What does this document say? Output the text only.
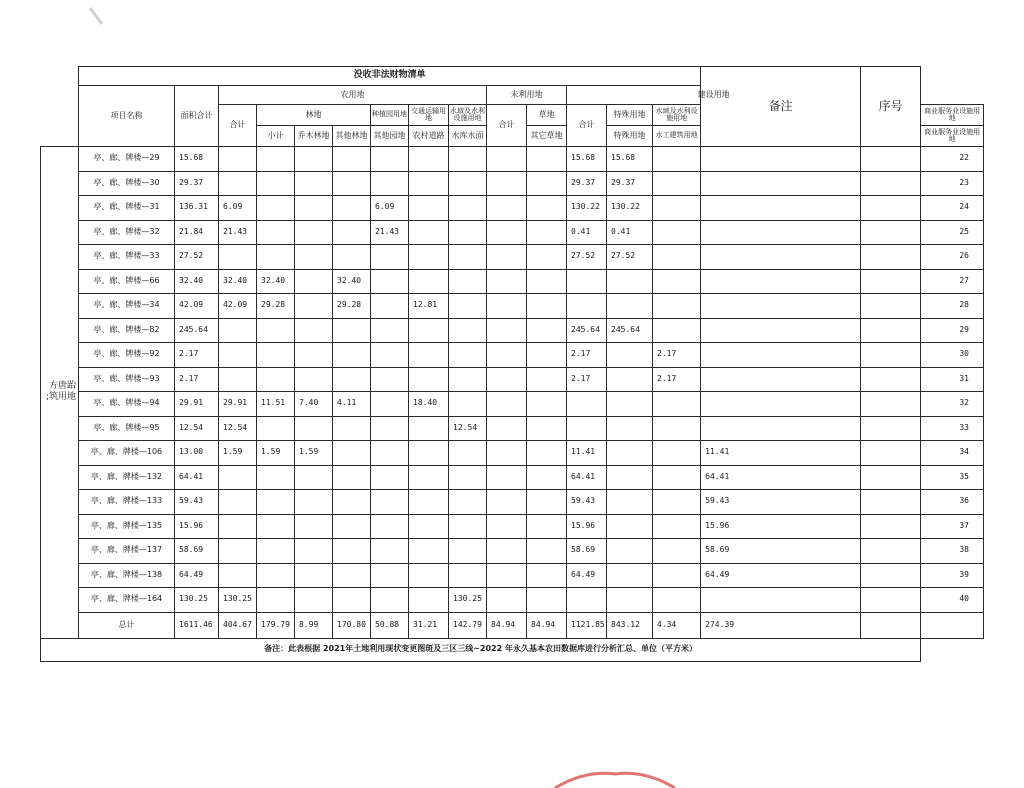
	没收非法财物清单														备注	序号	
	项目名称	面积合计	农用地							未利用地		建设用地					
			合计	林地			种植园用地	交通运输用地	水域及水利设施用地	合计	草地	合计	特殊用地	水域及水利设施用地			商业服务业设施用地
				小计	乔木林地	其他林地	其他园地	农村道路	水库水面		其它草地		特殊用地	水工建筑用地			商业服务业设施用地
方唐跆
;筑用地	亭、廊、牌楼—29	15.68										15.68	15.68				22
	亭、廊、牌楼—30	29.37										29.37	29.37				23
	亭、廊、牌楼—31	136.31	6.09				6.09					130.22	130.22				24
	亭、廊、牌楼—32	21.84	21.43				21.43					0.41	0.41				25
	亭、廊、牌楼—33	27.52										27.52	27.52				26
	亭、廊、牌楼—66	32.40	32.40	32.40		32.40											27
	亭、廊、牌楼—34	42.09	42.09	29.28		29.28		12.81									28
	亭、廊、牌楼—82	245.64										245.64	245.64				29
	亭、廊、牌楼—92	2.17										2.17		2.17			30
	亭、廊、牌楼—93	2.17										2.17		2.17			31
	亭、廊、牌楼—94	29.91	29.91	11.51	7.40	4.11		18.40									32
	亭、廊、牌楼—95	12.54	12.54						12.54								33
	亭、廊、牌楼—106	13.00	1.59	1.59	1.59							11.41			11.41		34
	亭、廊、牌楼—132	64.41										64.41			64.41		35
	亭、廊、牌楼—133	59.43										59.43			59.43		36
	亭、廊、牌楼—135	15.96										15.96			15.96		37
	亭、廊、牌楼—137	58.69										58.69			58.69		38
	亭、廊、牌楼—138	64.49										64.49			64.49		39
	亭、廊、牌楼—164	130.25	130.25						130.25								40
	总计	1611.46	404.67	179.79	8.99	170.80	50.88	31.21	142.79	84.94	84.94	1121.85	843.12	4.34	274.39		
备注：此表根据 2021年土地利用现状变更图斑及三区三线~2022 年永久基本农田数据库进行分析汇总、单位（平方米）																	
